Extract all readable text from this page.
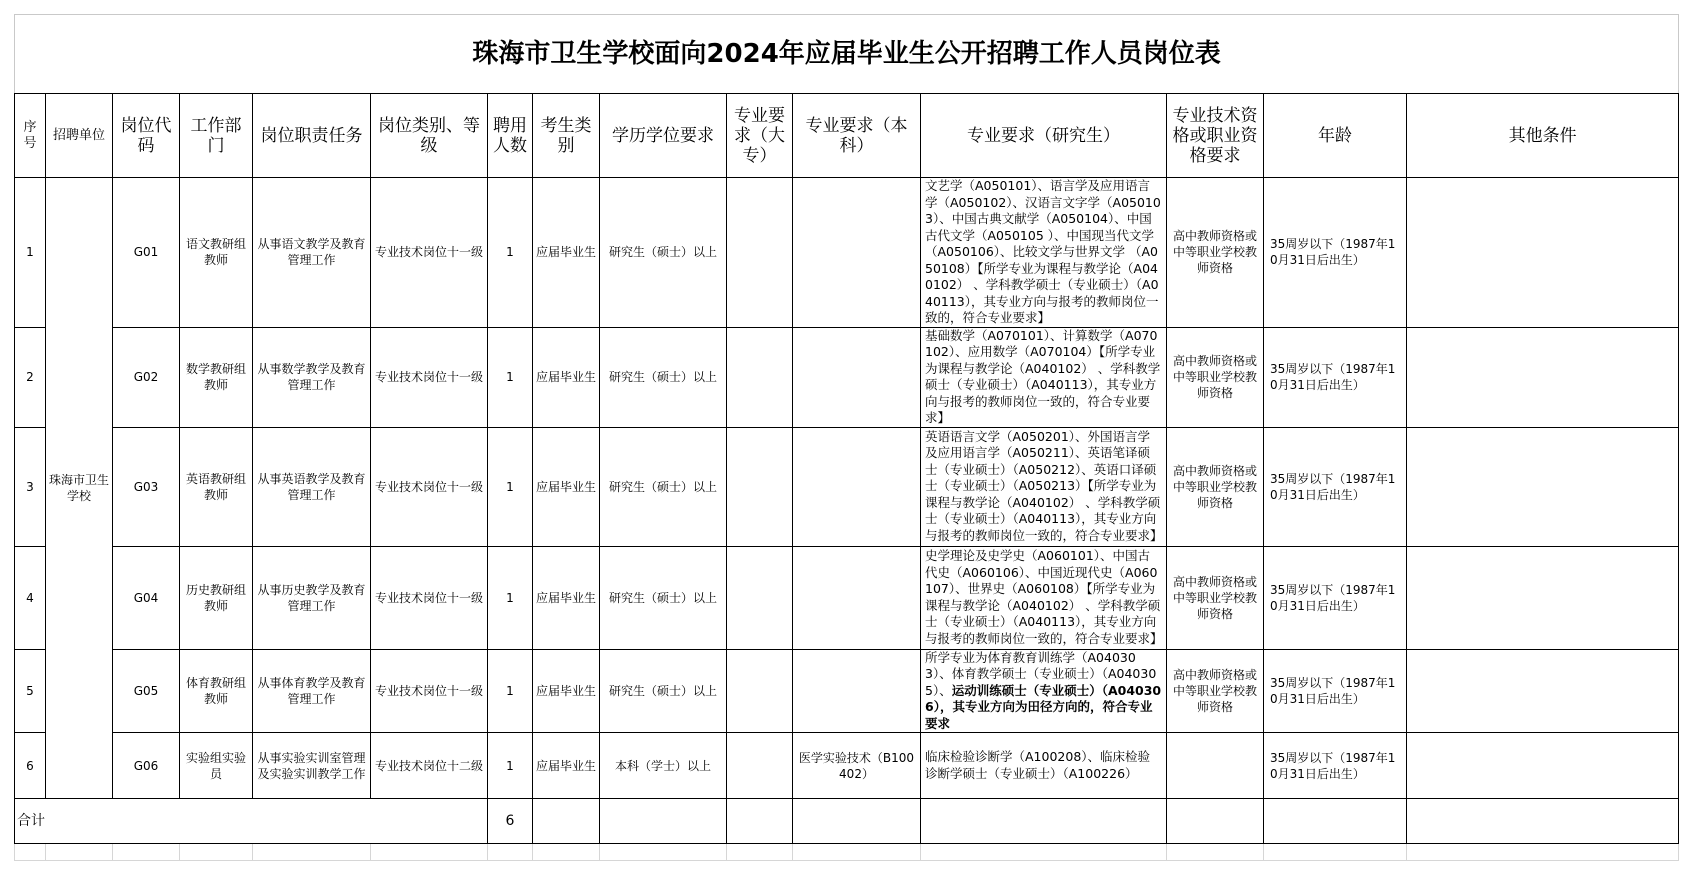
珠海市卫生学校面向2024年应届毕业生公开招聘工作人员岗位表														
序号	招聘单位	岗位代码	工作部门	岗位职责任务	岗位类别、等级	聘用人数	考生类别	学历学位要求	专业要求（大专）	专业要求（本科）	专业要求（研究生）	专业技术资格或职业资格要求	年龄	其他条件
1	珠海市卫生学校	G01	语文教研组教师	从事语文教学及教育管理工作	专业技术岗位十一级	1	应届毕业生	研究生（硕士）以上			文艺学（A050101）、语言学及应用语言学（A050102）、汉语言文字学（A050103）、中国古典文献学（A050104）、中国古代文学（A050105 ）、中国现当代文学（A050106）、比较文学与世界文学 （A050108）【所学专业为课程与教学论（A040102） 、学科教学硕士（专业硕士）（A040113），其专业方向与报考的教师岗位一致的，符合专业要求】	高中教师资格或中等职业学校教师资格	35周岁以下（1987年10月31日后出生）	
2		G02	数学教研组教师	从事数学教学及教育管理工作	专业技术岗位十一级	1	应届毕业生	研究生（硕士）以上			基础数学（A070101）、计算数学（A070102）、应用数学（A070104）【所学专业为课程与教学论（A040102） 、学科教学硕士（专业硕士）（A040113），其专业方向与报考的教师岗位一致的，符合专业要求】	高中教师资格或中等职业学校教师资格	35周岁以下（1987年10月31日后出生）	
3		G03	英语教研组教师	从事英语教学及教育管理工作	专业技术岗位十一级	1	应届毕业生	研究生（硕士）以上			英语语言文学（A050201）、外国语言学及应用语言学（A050211）、英语笔译硕士（专业硕士）（A050212）、英语口译硕士（专业硕士）（A050213）【所学专业为课程与教学论（A040102） 、学科教学硕士（专业硕士）（A040113），其专业方向与报考的教师岗位一致的，符合专业要求】	高中教师资格或中等职业学校教师资格	35周岁以下（1987年10月31日后出生）	
4		G04	历史教研组教师	从事历史教学及教育管理工作	专业技术岗位十一级	1	应届毕业生	研究生（硕士）以上			史学理论及史学史（A060101）、中国古代史（A060106）、中国近现代史（A060107）、世界史（A060108）【所学专业为课程与教学论（A040102） 、学科教学硕士（专业硕士）（A040113），其专业方向与报考的教师岗位一致的，符合专业要求】	高中教师资格或中等职业学校教师资格	35周岁以下（1987年10月31日后出生）	
5		G05	体育教研组教师	从事体育教学及教育管理工作	专业技术岗位十一级	1	应届毕业生	研究生（硕士）以上			所学专业为体育教育训练学（A040303）、体育教学硕士（专业硕士）（A040305）、运动训练硕士（专业硕士）（A040306），其专业方向为田径方向的，符合专业要求	高中教师资格或中等职业学校教师资格	35周岁以下（1987年10月31日后出生）	
6		G06	实验组实验员	从事实验实训室管理及实验实训教学工作	专业技术岗位十二级	1	应届毕业生	本科（学士）以上		医学实验技术（B100402）	临床检验诊断学（A100208）、临床检验诊断学硕士（专业硕士）（A100226）		35周岁以下（1987年10月31日后出生）	
合计						6								
